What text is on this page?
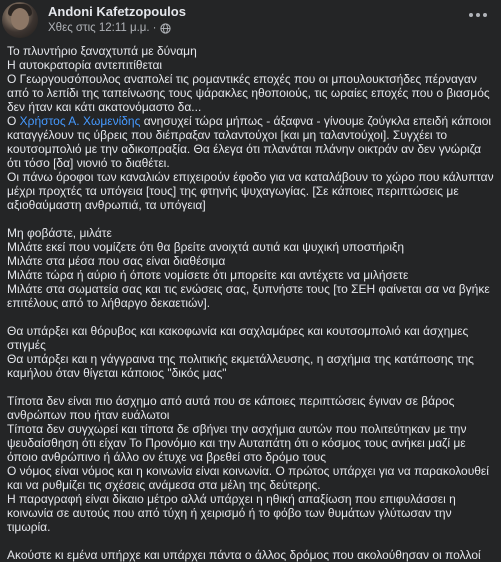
Andoni Kafetzopoulos
Χθες στις 12:11 μ.μ. ·

Το πλυντήριο ξαναχτυπά με δύναμη

Η αυτοκρατορία αντεπιτίθεται

Ο Γεωργουσόπουλος αναπολεί τις ρομαντικές εποχές που οι μπουλουκτσήδες πέρναγαν από το λεπίδι της ταπείνωσης τους ψάρακλες ηθοποιούς, τις ωραίες εποχές που ο βιασμός δεν ήταν και κάτι ακατονόμαστο δα...

Ο Χρήστος Α. Χωμενίδης ανησυχεί τώρα μήπως - άξαφνα - γίνουμε ζούγκλα επειδή κάποιοι καταγγέλουν τις ύβρεις που διέπραξαν ταλαντούχοι [και μη ταλαντούχοι]. Συγχέει το κουτσομπολιό με την αδικοπραξία. Θα έλεγα ότι πλανάται πλάνην οικτράν αν δεν γνώριζα ότι τόσο [δα] νιονιό το διαθέτει.

Οι πάνω όροφοι των καναλιών επιχειρούν έφοδο για να καταλάβουν το χώρο που κάλυπταν μέχρι προχτές τα υπόγεια [τους] της φτηνής ψυχαγωγίας. [Σε κάποιες περιπτώσεις με αξιοθαύμαστη ανθρωπιά, τα υπόγεια]

Μη φοβάστε, μιλάτε

Μιλάτε εκεί που νομίζετε ότι θα βρείτε ανοιχτά αυτιά και ψυχική υποστήριξη

Μιλάτε στα μέσα που σας είναι διαθέσιμα

Μιλάτε τώρα ή αύριο ή όποτε νομίσετε ότι μπορείτε και αντέχετε να μιλήσετε

Μιλάτε στα σωματεία σας και τις ενώσεις σας, ξυπνήστε τους [το ΣΕΗ φαίνεται σα να βγήκε επιτέλους από το λήθαργο δεκαετιών].

Θα υπάρξει και θόρυβος και κακοφωνία και σαχλαμάρες και κουτσομπολιό και άσχημες στιγμές

Θα υπάρξει και η γάγγραινα της πολιτικής εκμετάλλευσης, η ασχήμια της κατάποσης της καμήλου όταν θίγεται κάποιος "δικός μας"

Τίποτα δεν είναι πιο άσχημο από αυτά που σε κάποιες περιπτώσεις έγιναν σε βάρος ανθρώπων που ήταν ευάλωτοι

Τίποτα δεν συγχωρεί και τίποτα δε σβήνει την ασχήμια αυτών που πολιτεύτηκαν με την ψευδαίσθηση ότι είχαν Το Προνόμιο και την Αυταπάτη ότι ο κόσμος τους ανήκει μαζί με όποιο ανθρώπινο ή άλλο ον έτυχε να βρεθεί στο δρόμο τους

Ο νόμος είναι νόμος και η κοινωνία είναι κοινωνία. Ο πρώτος υπάρχει για να παρακολουθεί και να ρυθμίζει τις σχέσεις ανάμεσα στα μέλη της δεύτερης.

Η παραγραφή είναι δίκαιο μέτρο αλλά υπάρχει η ηθική απαξίωση που επιφυλάσσει η κοινωνία σε αυτούς που από τύχη ή χειρισμό ή το φόβο των θυμάτων γλύτωσαν την τιμωρία.

Ακούστε κι εμένα υπήρχε και υπάρχει πάντα ο άλλος δρόμος που ακολούθησαν οι πολλοί
